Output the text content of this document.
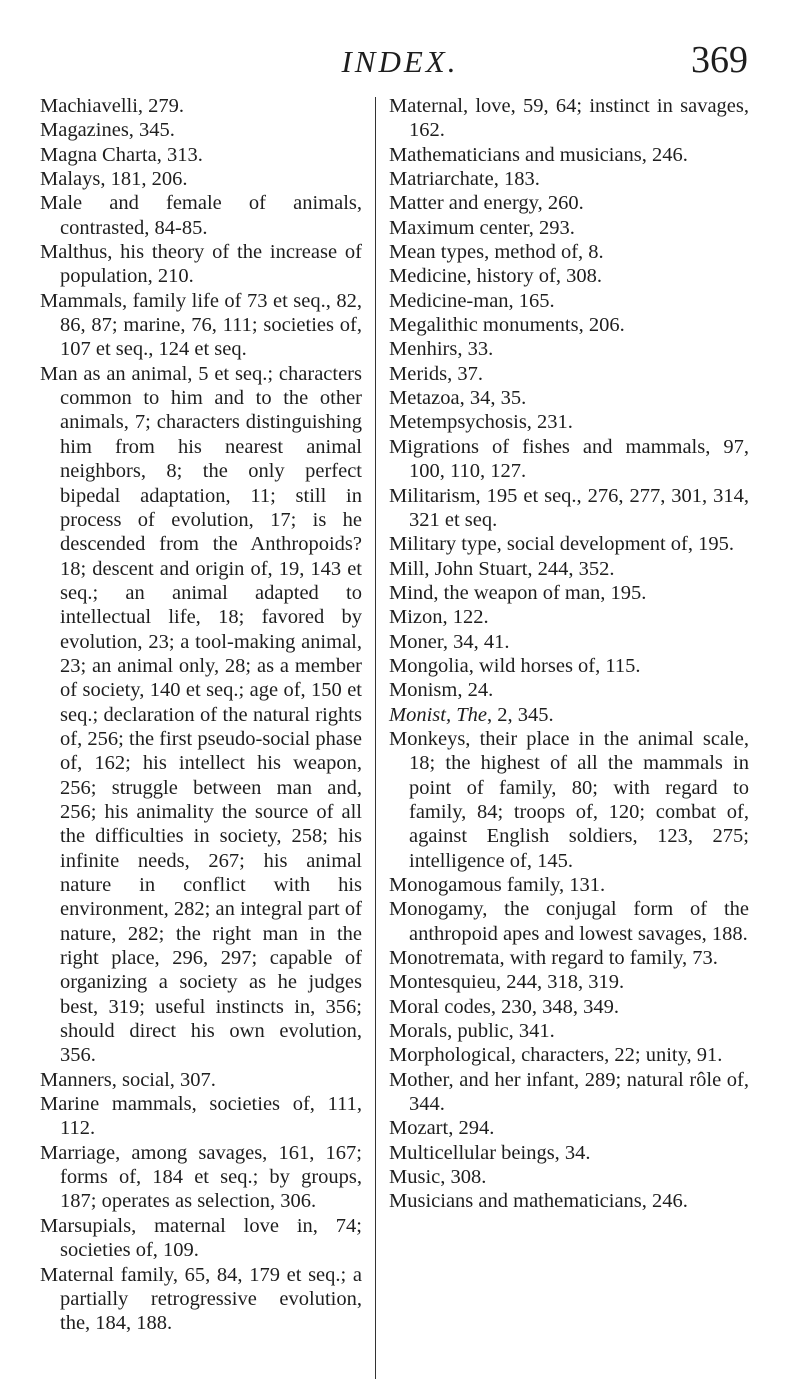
INDEX.	369

Machiavelli, 279.

Magazines, 345.

Magna Charta, 313.

Malays, 181, 206.

Male and female of animals, contrasted, 84-85.

Malthus, his theory of the increase of population, 210.

Mammals, family life of 73 et seq., 82, 86, 87; marine, 76, 111; societies of, 107 et seq., 124 et seq.

Man as an animal, 5 et seq.; characters common to him and to the other animals, 7; characters distinguishing him from his nearest animal neighbors, 8; the only perfect bipedal adaptation, 11; still in process of evolution, 17; is he descended from the Anthropoids? 18; descent and origin of, 19, 143 et seq.; an animal adapted to intellectual life, 18; favored by evolution, 23; a tool-making animal, 23; an animal only, 28; as a member of society, 140 et seq.; age of, 150 et seq.; declaration of the natural rights of, 256; the first pseudo-social phase of, 162; his intellect his weapon, 256; struggle between man and, 256; his animality the source of all the difficulties in society, 258; his infinite needs, 267; his animal nature in conflict with his environment, 282; an integral part of nature, 282; the right man in the right place, 296, 297; capable of organizing a society as he judges best, 319; useful instincts in, 356; should direct his own evolution, 356.

Manners, social, 307.

Marine mammals, societies of, 111, 112.

Marriage, among savages, 161, 167; forms of, 184 et seq.; by groups, 187; operates as selection, 306.

Marsupials, maternal love in, 74; societies of, 109.

Maternal family, 65, 84, 179 et seq.; a partially retrogressive evolution, the, 184, 188.

Maternal, love, 59, 64; instinct in savages, 162.

Mathematicians and musicians, 246.

Matriarchate, 183.

Matter and energy, 260.

Maximum center, 293.

Mean types, method of, 8.

Medicine, history of, 308.

Medicine-man, 165.

Megalithic monuments, 206.

Menhirs, 33.

Merids, 37.

Metazoa, 34, 35.

Metempsychosis, 231.

Migrations of fishes and mammals, 97, 100, 110, 127.

Militarism, 195 et seq., 276, 277, 301, 314, 321 et seq.

Military type, social development of, 195.

Mill, John Stuart, 244, 352.

Mind, the weapon of man, 195.

Mizon, 122.

Moner, 34, 41.

Mongolia, wild horses of, 115.

Monism, 24.

Monist, The, 2, 345.

Monkeys, their place in the animal scale, 18; the highest of all the mammals in point of family, 80; with regard to family, 84; troops of, 120; combat of, against English soldiers, 123, 275; intelligence of, 145.

Monogamous family, 131.

Monogamy, the conjugal form of the anthropoid apes and lowest savages, 188.

Monotremata, with regard to family, 73.

Montesquieu, 244, 318, 319.

Moral codes, 230, 348, 349.

Morals, public, 341.

Morphological, characters, 22; unity, 91.

Mother, and her infant, 289; natural rôle of, 344.

Mozart, 294.

Multicellular beings, 34.

Music, 308.

Musicians and mathematicians, 246.
